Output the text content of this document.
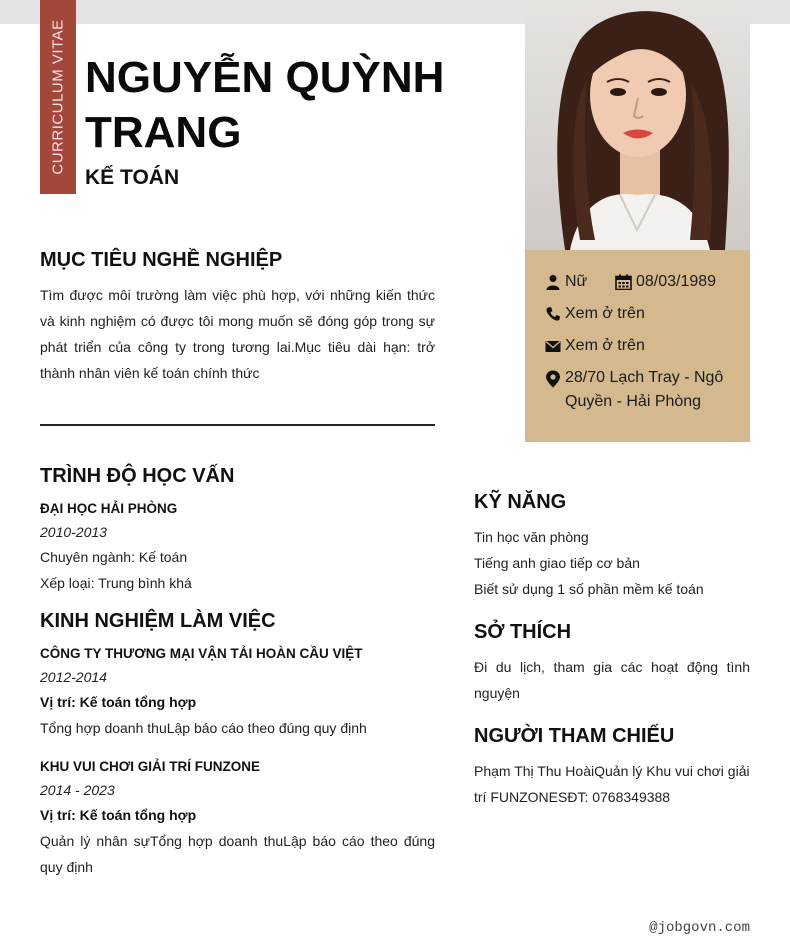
CURRICULUM VITAE NGUYỄN QUỲNH TRANG
KẾ TOÁN
Nữ	08/03/1989
Xem ở trên
Xem ở trên
28/70 Lạch Tray - Ngô Quyền - Hải Phòng
MỤC TIÊU NGHỀ NGHIỆP
Tìm được môi trường làm việc phù hợp, với những kiến thức và kinh nghiệm có được tôi mong muốn sẽ đóng góp trong sự phát triển của công ty trong tương lai.Mục tiêu dài hạn: trở thành nhân viên kế toán chính thức
TRÌNH ĐỘ HỌC VẤN
ĐẠI HỌC HẢI PHÒNG
2010-2013
Chuyên ngành: Kế toán
Xếp loại: Trung bình khá
KINH NGHIỆM LÀM VIỆC
CÔNG TY THƯƠNG MẠI VẬN TẢI HOÀN CẦU VIỆT
2012-2014
Vị trí: Kế toán tổng hợp
Tổng hợp doanh thuLập báo cáo theo đúng quy định
KHU VUI CHƠI GIẢI TRÍ FUNZONE
2014 - 2023
Vị trí: Kế toán tổng hợp
Quản lý nhân sựTổng hợp doanh thuLập báo cáo theo đúng quy định
KỸ NĂNG
Tin học văn phòng
Tiếng anh giao tiếp cơ bản
Biết sử dụng 1 số phần mềm kế toán
SỞ THÍCH
Đi du lịch, tham gia các hoạt động tình nguyện
NGƯỜI THAM CHIẾU
Phạm Thị Thu HoàiQuản lý Khu vui chơi giải trí FUNZONESĐT: 0768349388
@jobgovn.com
